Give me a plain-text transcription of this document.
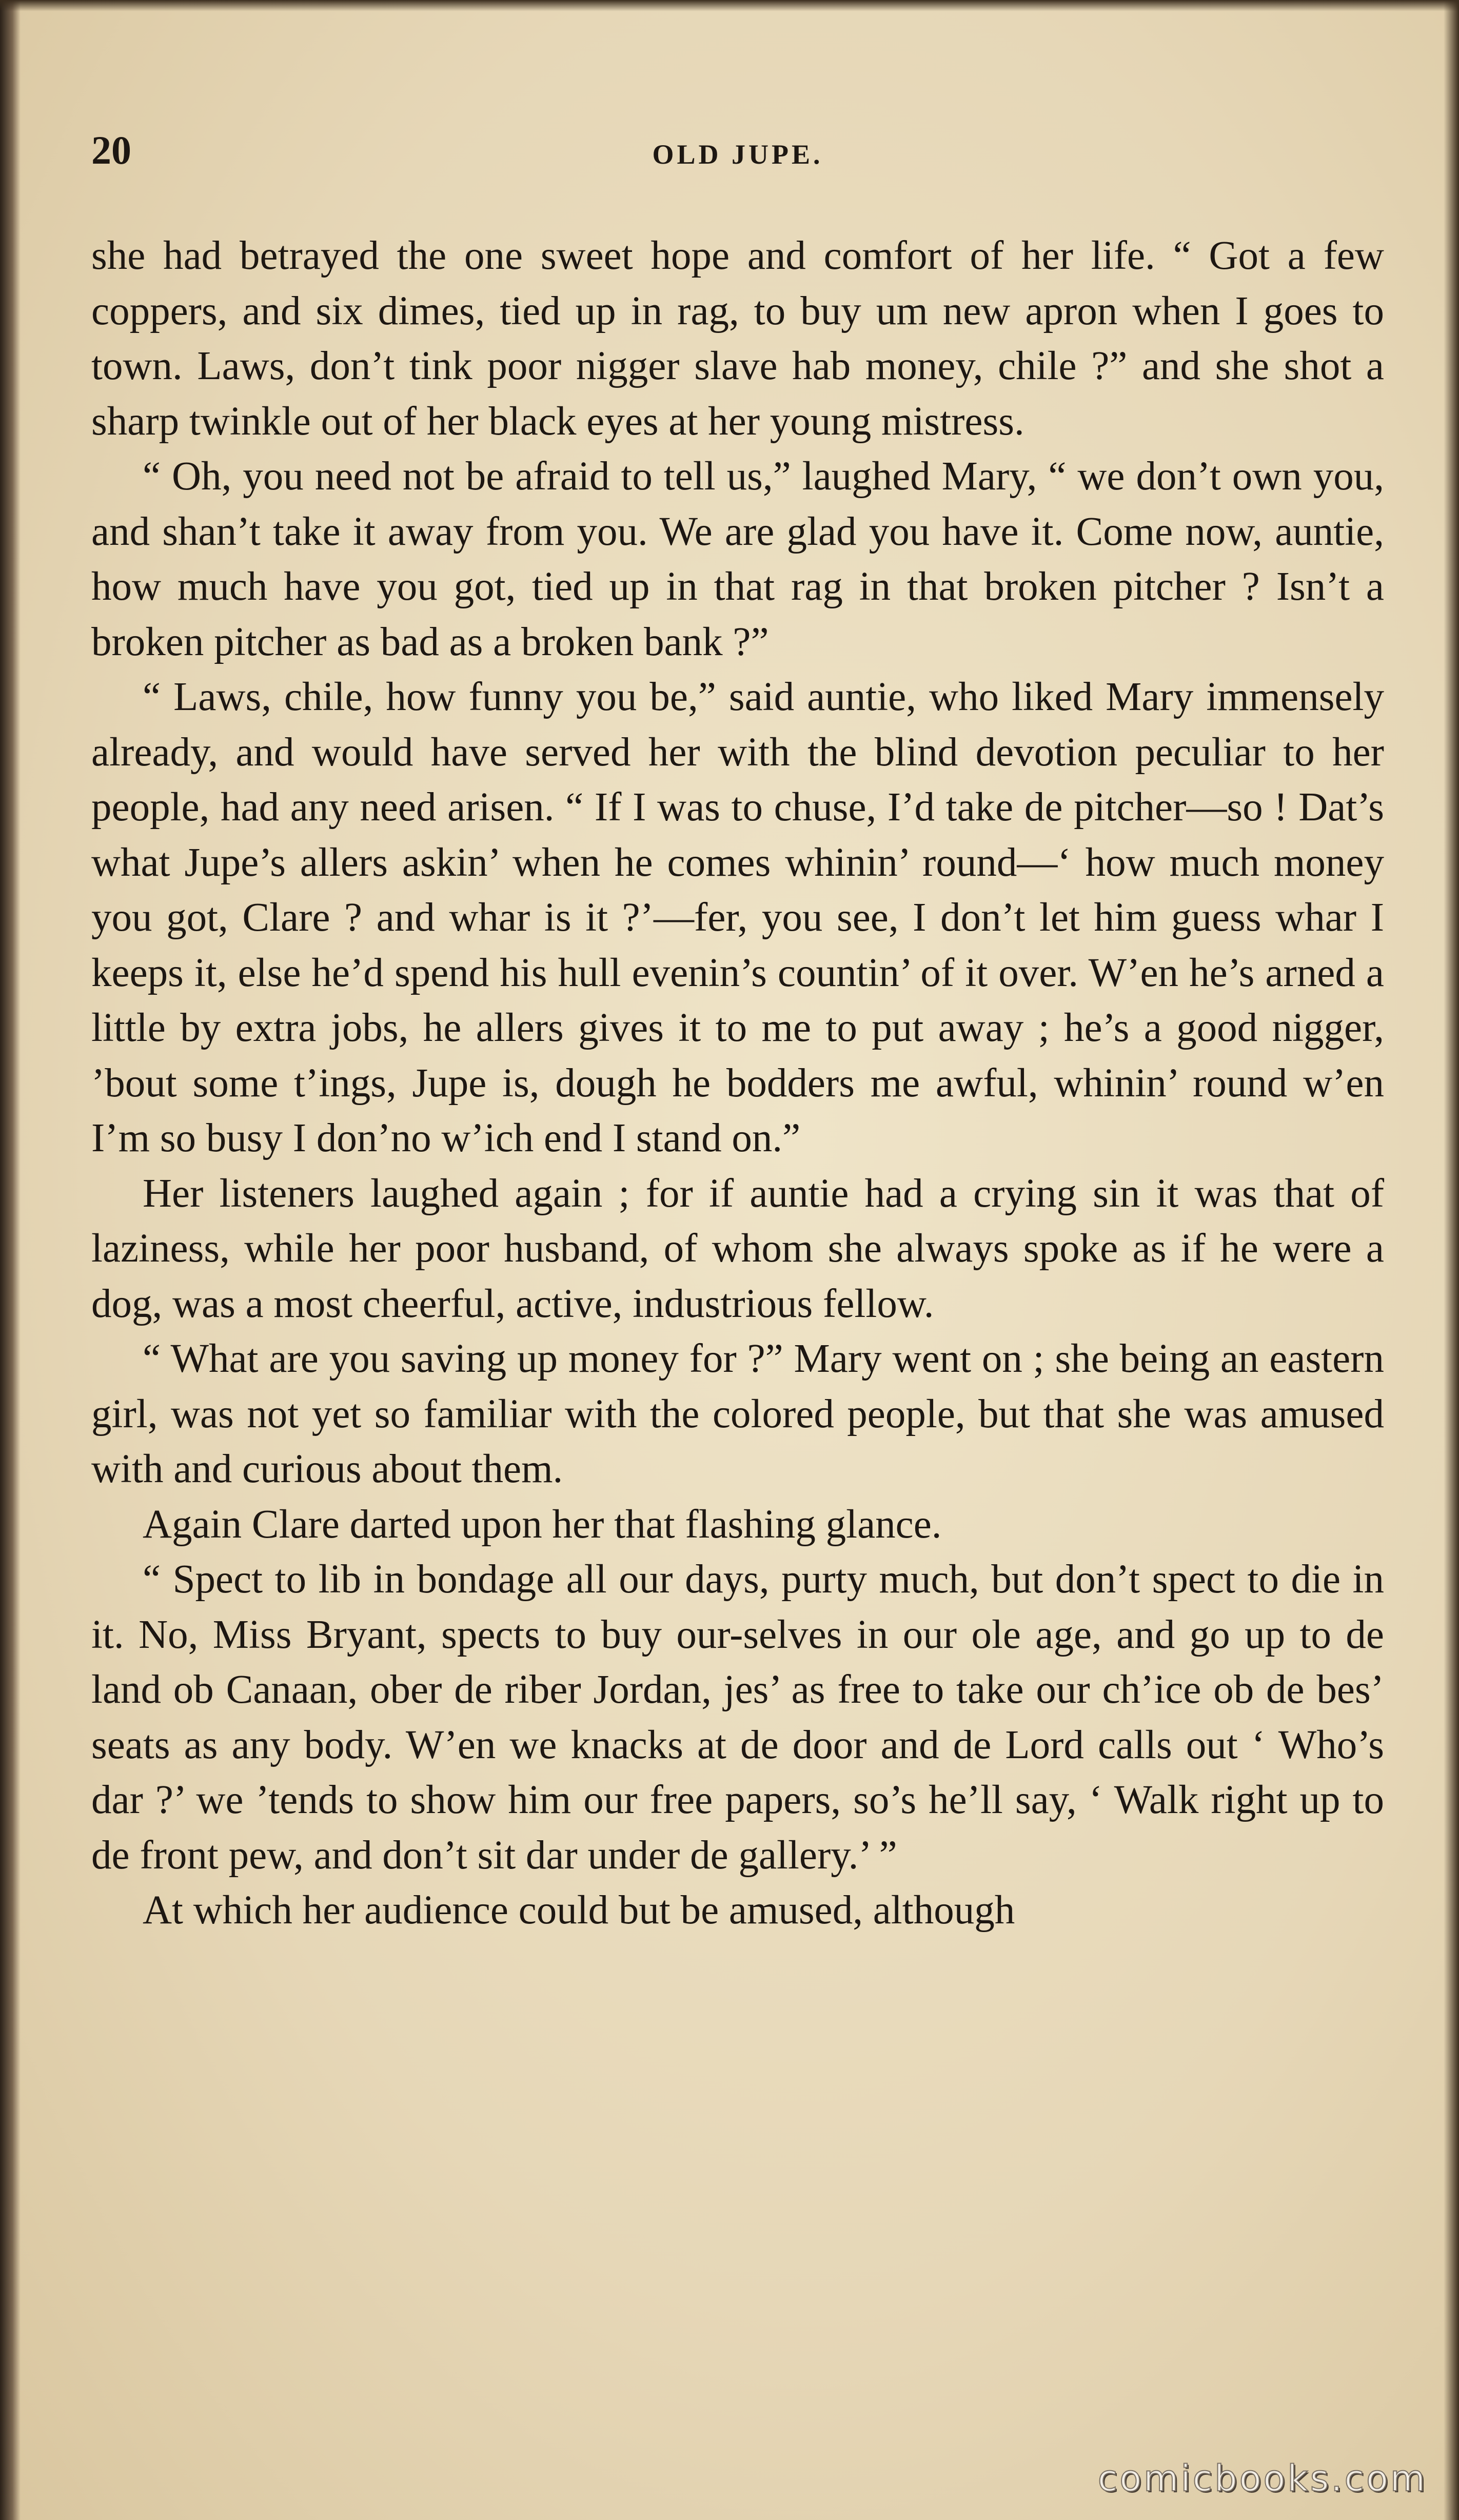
20	OLD JUPE.

she had betrayed the one sweet hope and comfort of her life. “ Got a few coppers, and six dimes, tied up in rag, to buy um new apron when I goes to town. Laws, don’t tink poor nigger slave hab money, chile ?” and she shot a sharp twinkle out of her black eyes at her young mistress.

“ Oh, you need not be afraid to tell us,” laughed Mary, “ we don’t own you, and shan’t take it away from you. We are glad you have it. Come now, auntie, how much have you got, tied up in that rag in that broken pitcher ? Isn’t a broken pitcher as bad as a broken bank ?”

“ Laws, chile, how funny you be,” said auntie, who liked Mary immensely already, and would have served her with the blind devotion peculiar to her people, had any need arisen. “ If I was to chuse, I’d take de pitcher—so ! Dat’s what Jupe’s allers askin’ when he comes whinin’ round—‘ how much money you got, Clare ? and whar is it ?’—fer, you see, I don’t let him guess whar I keeps it, else he’d spend his hull evenin’s countin’ of it over. W’en he’s arned a little by extra jobs, he allers gives it to me to put away ; he’s a good nigger, ’bout some t’ings, Jupe is, dough he bodders me awful, whinin’ round w’en I’m so busy I don’no w’ich end I stand on.”

Her listeners laughed again ; for if auntie had a crying sin it was that of laziness, while her poor husband, of whom she always spoke as if he were a dog, was a most cheerful, active, industrious fellow.

“ What are you saving up money for ?” Mary went on ; she being an eastern girl, was not yet so familiar with the colored people, but that she was amused with and curious about them.

Again Clare darted upon her that flashing glance.

“ Spect to lib in bondage all our days, purty much, but don’t spect to die in it. No, Miss Bryant, spects to buy our-selves in our ole age, and go up to de land ob Canaan, ober de riber Jordan, jes’ as free to take our ch’ice ob de bes’ seats as any body. W’en we knacks at de door and de Lord calls out ‘ Who’s dar ?’ we ’tends to show him our free papers, so’s he’ll say, ‘ Walk right up to de front pew, and don’t sit dar under de gallery.’ ”

At which her audience could but be amused, although

comicbooks.com
